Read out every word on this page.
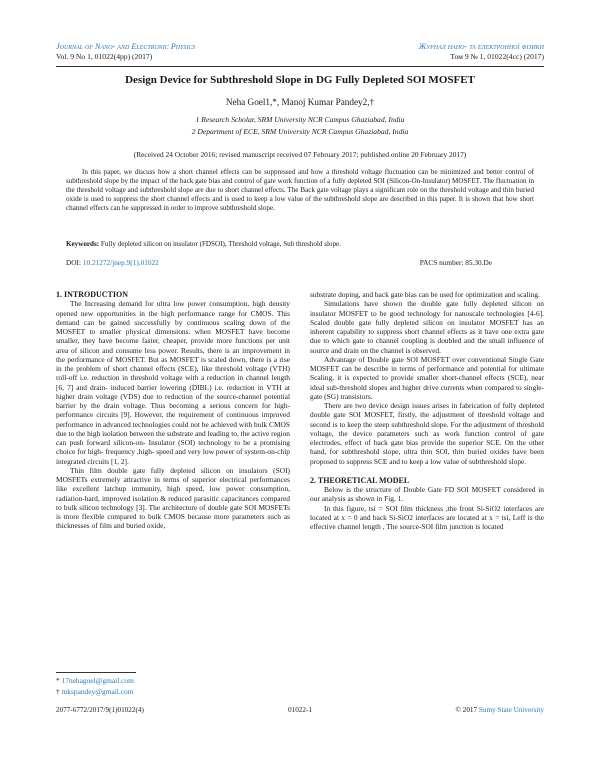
Journal of Nano- and Electronic Physics
Vol. 9 No 1, 01022(4pp) (2017)
Журнал нано- та електронної фізики
Том 9 № 1, 01022(4cc) (2017)
Design Device for Subthreshold Slope in DG Fully Depleted SOI MOSFET
Neha Goel1,*, Manoj Kumar Pandey2,†
1 Research Scholar, SRM University NCR Campus Ghaziabad, India
2 Department of ECE, SRM University NCR Campus Ghaziabad, India
(Received 24 October 2016; revised manuscript received 07 February 2017; published online 20 February 2017)
In this paper, we discuss how a short channel effects can be suppressed and how a threshold voltage fluctuation can be minimized and better control of subthreshold slope by the impact of the back gate bias and control of gate work function of a fully depleted SOI (Silicon-On-Insulator) MOSFET. The fluctuation in the threshold voltage and subthreshold slope are due to short channel effects. The Back gate voltage plays a significant role on the threshold voltage and thin buried oxide is used to suppress the short channel effects and is used to keep a low value of the subthreshold slope are described in this paper. It is shown that how short channel effects can be suppressed in order to improve subthreshold slope.
Keywords: Fully depleted silicon on insulator (FDSOI), Threshold voltage, Sub threshold slope.
DOI: 10.21272/jnep.9(1).01022	PACS number: 85.30.De

1. INTRODUCTION

The Increasing demand for ultra low power consumption, high density opened new opportunities in the high performance range for CMOS. This demand can be gained successfully by continuous scaling down of the MOSFET to smaller physical dimensions. when MOSFET have become smaller, they have become faster, cheaper, provide more functions per unit area of silicon and consume less power. Results, there is an improvement in the performance of MOSFET. But as MOSFET is scaled down, there is a rise in the problem of short channel effects (SCE), like threshold voltage (VTH) roll-off i.e. reduction in threshold voltage with a reduction in channel length [6, 7] and drain- induced barrier lowering (DIBL) i.e. reduction in VTH at higher drain voltage (VDS) due to reduction of the source-channel potential barrier by the drain voltage. Thus becoming a serious concern for high-performance circuits [9]. However, the requirement of continuous improved performance in advanced technologies could not be achieved with bulk CMOS due to the high isolation between the substrate and leading to, the active region can push forward silicon-on- Insulator (SOI) technology to be a promising choice for high- frequency ,high- speed and very low power of system-on-chip integrated circuits [1, 2].

Thin film double gate fully depleted silicon on insulators (SOI) MOSFETs extremely attractive in terms of superior electrical performances like excellent latchup immunity, high speed, low power consumption, radiation-hard, improved isolation & reduced parasitic capacitances compared to bulk silicon technology [3]. The architecture of double gate SOI MOSFETs is more flexible compared to bulk CMOS because more parameters such as thicknesses of film and buried oxide,

substrate doping, and back gate bias can be used for optimization and scaling.

Simulations have shown the double gate fully depleted silicon on insulator MOSFET to be good technology for nanoscale technologies [4-6]. Scaled double gate fully depleted silicon on insulator MOSFET has an inherent capability to suppress short channel effects as it have one extra gate due to which gate to channel coupling is doubled and the small influence of source and drain on the channel is observed.

Advantage of Double gate SOI MOSFET over conventional Single Gate MOSFET can be describe in terms of performance and potential for ultimate Scaling, it is expected to provide smaller short-channel effects (SCE), near ideal sub-threshold slopes and higher drive currents when compared to single-gate (SG) transistors.

There are two device design issues arises in fabrication of fully depleted double gate SOI MOSFET, firstly, the adjustment of threshold voltage and second is to keep the steep subthreshold slope. For the adjustment of threshold voltage, the device parameters such as work function control of gate electrodes, effect of back gate bias provide the superior SCE. On the other hand, for subthreshold slope, ultra thin SOI, thin buried oxides have been proposed to suppress SCE and to keep a low value of subthreshold slope.

2. THEORETICAL MODEL

Below is the structure of Double Gate FD SOI MOSFET considered in our analysis as shown in Fig. 1.

In this figure, tsi = SOI film thickness ,the front Si-SiO2 interfaces are located at x = 0 and back Si-SiO2 interfaces are located at x = tsi, Leff is the effective channel length , The source-SOI film junction is located

* 17nehagoel@gmail.com
† mkspandey@gmail.com
2077-6772/2017/9(1)01022(4)	01022-1	© 2017 Sumy State University
